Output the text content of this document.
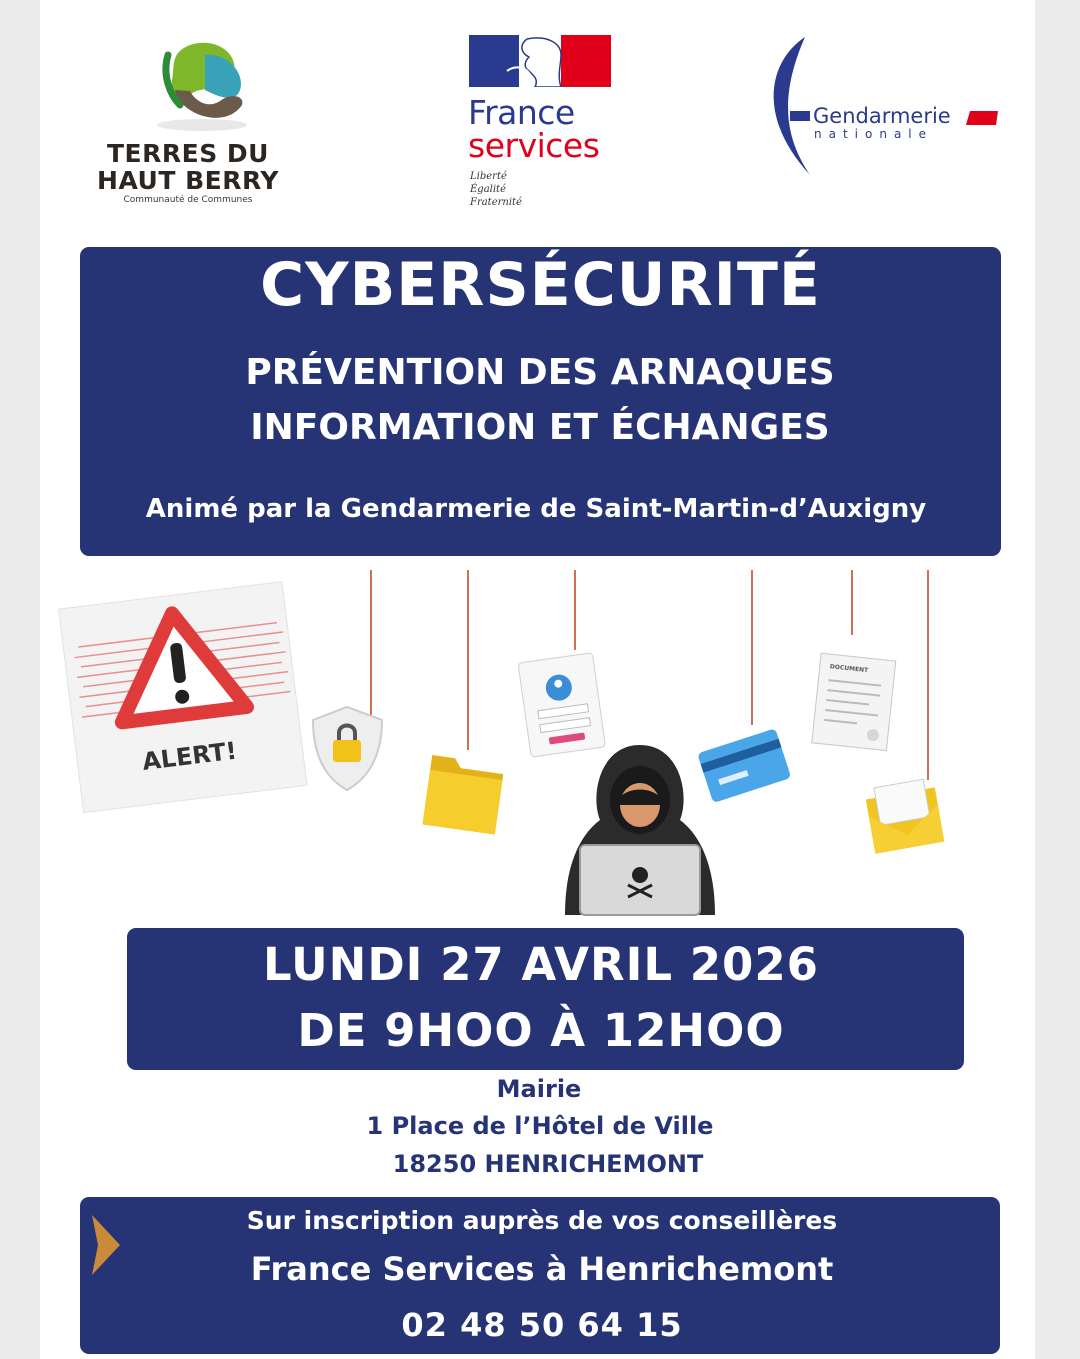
TERRES DU
HAUT BERRY
Communauté de Communes
France
services
Liberté
Égalité
Fraternité
Gendarmerie
nationale
CYBERSÉCURITÉ
PRÉVENTION DES ARNAQUES
INFORMATION ET ÉCHANGES
Animé par la Gendarmerie de Saint-Martin-d’Auxigny
ALERT!
DOCUMENT
LUNDI 27 AVRIL 2026
DE 9HOO À 12HOO
Mairie
1 Place de l’Hôtel de Ville
18250 HENRICHEMONT
Sur inscription auprès de vos conseillères
France Services à Henrichemont
02 48 50 64 15
